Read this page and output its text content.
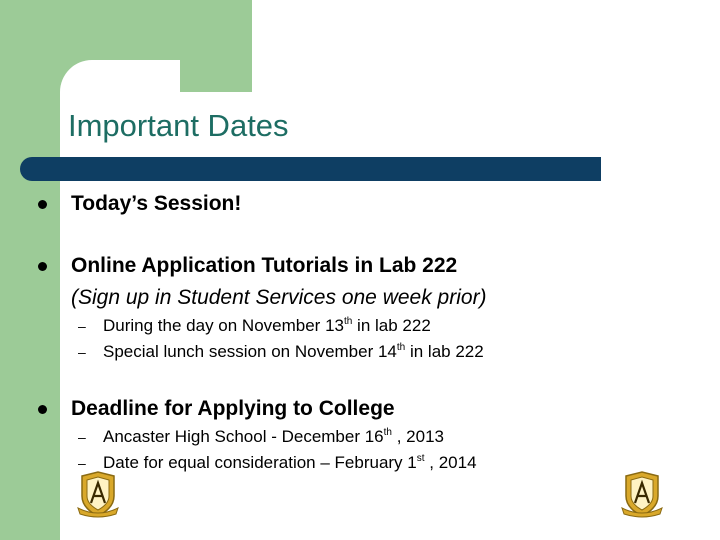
Important Dates
Today’s Session!
Online Application Tutorials in Lab 222
(Sign up in Student Services one week prior)
– During the day on November 13th in lab 222
– Special lunch session on November 14th in lab 222
Deadline for Applying to College
– Ancaster High School - December 16th , 2013
– Date for equal consideration – February 1st , 2014
